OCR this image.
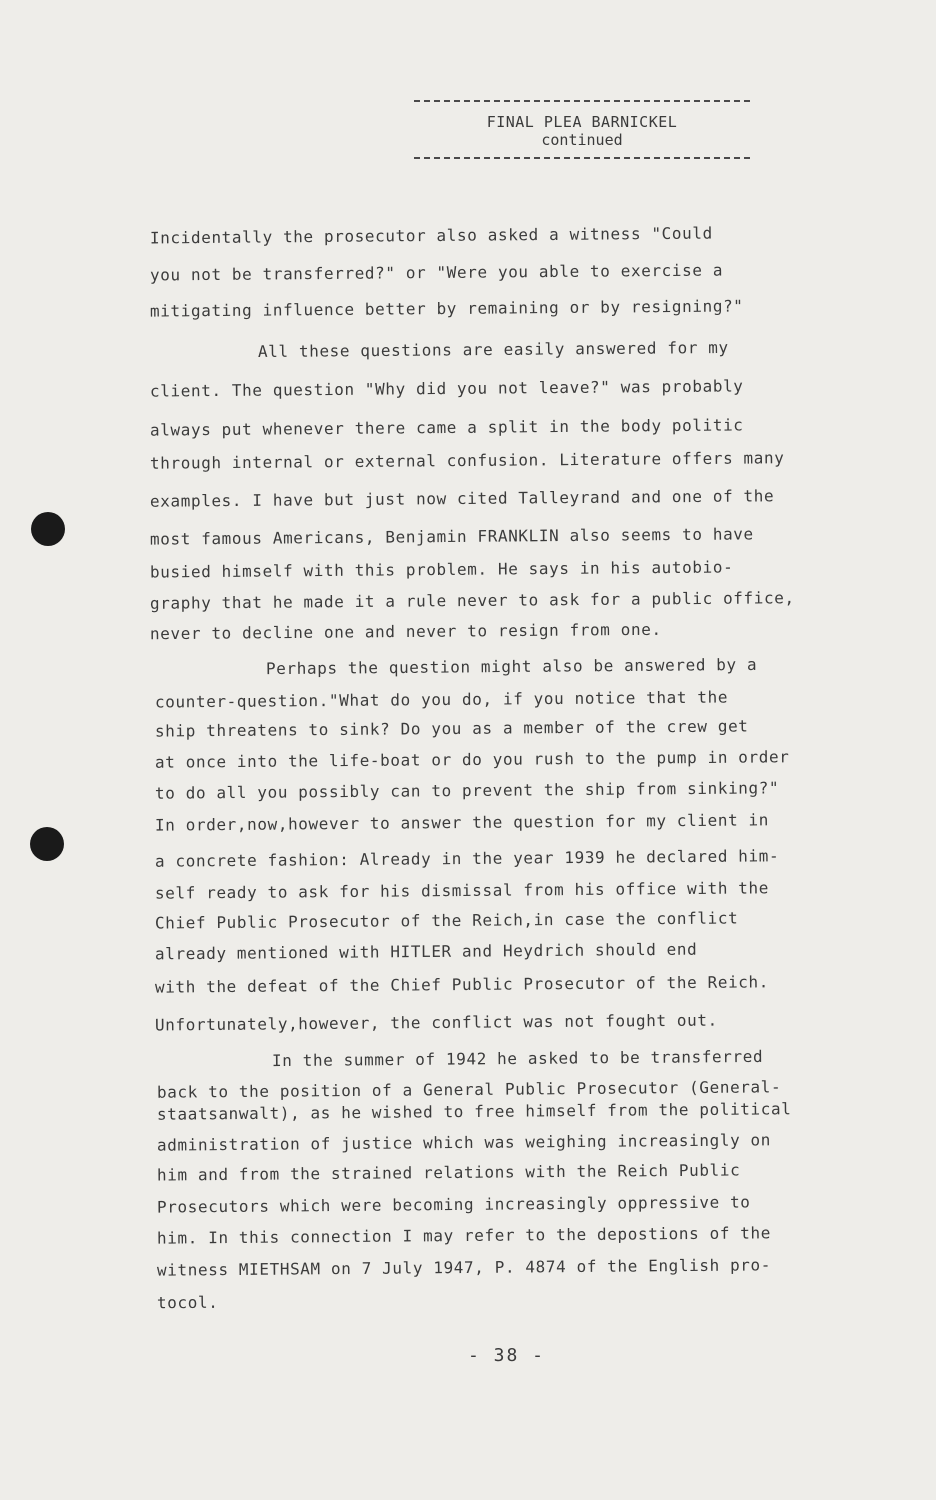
FINAL PLEA BARNICKEL
continued
Incidentally the prosecutor also asked a witness "Could
you not be transferred?" or "Were you able to exercise a
mitigating influence better by remaining or by resigning?"
All these questions are easily answered for my
client. The question "Why did you not leave?" was probably
always put whenever there came a split in the body politic
through internal or external confusion. Literature offers many
examples. I have but just now cited Talleyrand and one of the
most famous Americans, Benjamin FRANKLIN also seems to have
busied himself with this problem. He says in his autobio-
graphy that he made it a rule never to ask for a public office,
never to decline one and never to resign from one.
Perhaps the question might also be answered by a
counter-question."What do you do, if you notice that the
ship threatens to sink? Do you as a member of the crew get
at once into the life-boat or do you rush to the pump in order
to do all you possibly can to prevent the ship from sinking?"
In order,now,however to answer the question for my client in
a concrete fashion: Already in the year 1939 he declared him-
self ready to ask for his dismissal from his office with the
Chief Public Prosecutor of the Reich,in case the conflict
already mentioned with HITLER and Heydrich should end
with the defeat of the Chief Public Prosecutor of the Reich.
Unfortunately,however, the conflict was not fought out.
In the summer of 1942 he asked to be transferred
back to the position of a General Public Prosecutor (General-
staatsanwalt), as he wished to free himself from the political
administration of justice which was weighing increasingly on
him and from the strained relations with the Reich Public
Prosecutors which were becoming increasingly oppressive to
him. In this connection I may refer to the depostions of the
witness MIETHSAM on 7 July 1947, P. 4874 of the English pro-
tocol.
- 38 -
